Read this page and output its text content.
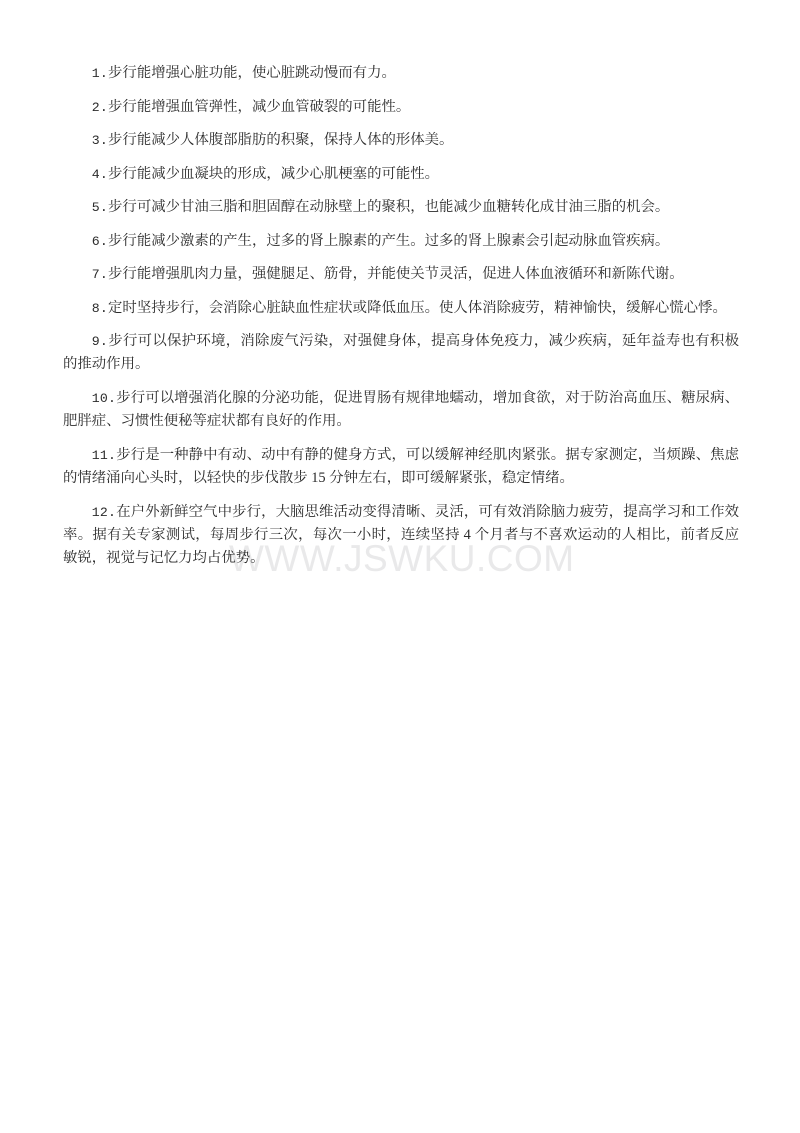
WWW.JSWKU.COM

1.步行能增强心脏功能，使心脏跳动慢而有力。

2.步行能增强血管弹性，减少血管破裂的可能性。

3.步行能减少人体腹部脂肪的积聚，保持人体的形体美。

4.步行能减少血凝块的形成，减少心肌梗塞的可能性。

5.步行可减少甘油三脂和胆固醇在动脉壁上的聚积，也能减少血糖转化成甘油三脂的机会。

6.步行能减少激素的产生，过多的肾上腺素的产生。过多的肾上腺素会引起动脉血管疾病。

7.步行能增强肌肉力量，强健腿足、筋骨，并能使关节灵活，促进人体血液循环和新陈代谢。

8.定时坚持步行，会消除心脏缺血性症状或降低血压。使人体消除疲劳，精神愉快，缓解心慌心悸。

9.步行可以保护环境，消除废气污染，对强健身体，提高身体免疫力，减少疾病，延年益寿也有积极的推动作用。

10.步行可以增强消化腺的分泌功能，促进胃肠有规律地蠕动，增加食欲，对于防治高血压、糖尿病、肥胖症、习惯性便秘等症状都有良好的作用。

11.步行是一种静中有动、动中有静的健身方式，可以缓解神经肌肉紧张。据专家测定，当烦躁、焦虑的情绪涌向心头时，以轻快的步伐散步 15 分钟左右，即可缓解紧张，稳定情绪。

12.在户外新鲜空气中步行，大脑思维活动变得清晰、灵活，可有效消除脑力疲劳，提高学习和工作效率。据有关专家测试，每周步行三次，每次一小时，连续坚持 4 个月者与不喜欢运动的人相比，前者反应敏锐，视觉与记忆力均占优势。
